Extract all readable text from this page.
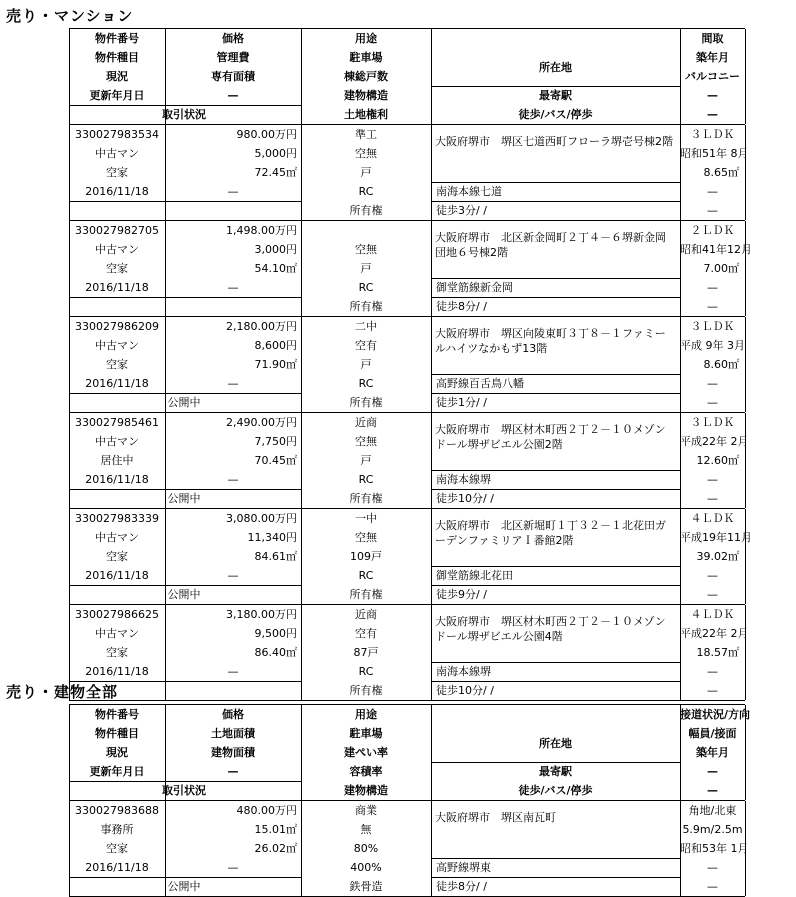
売り・マンション
物件番号
物件種目
現況
更新年月日
取引状況
価格
管理費
専有面積
—
用途
駐車場
棟総戸数
建物構造
土地権利
所在地
最寄駅
徒歩/バス/停歩
間取
築年月
バルコニー
—
—
330027983534
中古マン
空家
2016/11/18
980.00万円
5,000円
72.45㎡
—
準工
空無
戸
RC
所有権
大阪府堺市　堺区七道西町フローラ堺壱号棟2階
南海本線七道
徒歩3分/ /
３ＬＤＫ
昭和51年 8月
8.65㎡
—
—
330027982705
中古マン
空家
2016/11/18
1,498.00万円
3,000円
54.10㎡
—
空無
戸
RC
所有権
大阪府堺市　北区新金岡町２丁４－６堺新金岡団地６号棟2階
御堂筋線新金岡
徒歩8分/ /
２ＬＤＫ
昭和41年12月
7.00㎡
—
—
330027986209
中古マン
空家
2016/11/18
公開中
2,180.00万円
8,600円
71.90㎡
—
二中
空有
戸
RC
所有権
大阪府堺市　堺区向陵東町３丁８－１ファミールハイツなかもず13階
高野線百舌鳥八幡
徒歩1分/ /
３ＬＤＫ
平成 9年 3月
8.60㎡
—
—
330027985461
中古マン
居住中
2016/11/18
公開中
2,490.00万円
7,750円
70.45㎡
—
近商
空無
戸
RC
所有権
大阪府堺市　堺区材木町西２丁２－１０メゾンドール堺ザビエル公園2階
南海本線堺
徒歩10分/ /
３ＬＤＫ
平成22年 2月
12.60㎡
—
—
330027983339
中古マン
空家
2016/11/18
公開中
3,080.00万円
11,340円
84.61㎡
—
一中
空無
109戸
RC
所有権
大阪府堺市　北区新堀町１丁３２－１北花田ガーデンファミリアＩ番館2階
御堂筋線北花田
徒歩9分/ /
４ＬＤＫ
平成19年11月
39.02㎡
—
—
330027986625
中古マン
空家
2016/11/18
3,180.00万円
9,500円
86.40㎡
—
近商
空有
87戸
RC
所有権
大阪府堺市　堺区材木町西２丁２－１０メゾンドール堺ザビエル公園4階
南海本線堺
徒歩10分/ /
４ＬＤＫ
平成22年 2月
18.57㎡
—
—
売り・建物全部
物件番号
物件種目
現況
更新年月日
取引状況
価格
土地面積
建物面積
—
用途
駐車場
建ぺい率
容積率
建物構造
所在地
最寄駅
徒歩/バス/停歩
接道状況/方向
幅員/接面
築年月
—
—
330027983688
事務所
空家
2016/11/18
公開中
480.00万円
15.01㎡
26.02㎡
—
商業
無
80%
400%
鉄骨造
大阪府堺市　堺区南瓦町
高野線堺東
徒歩8分/ /
角地/北東
5.9m/2.5m
昭和53年 1月
—
—
